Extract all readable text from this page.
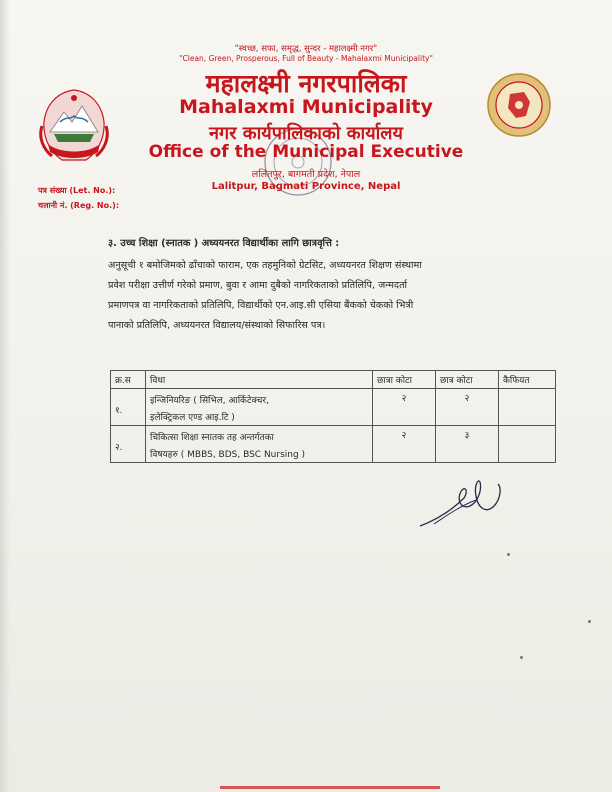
"स्वच्छ, सफा, समृद्ध, सुन्दर - महालक्ष्मी नगर"
"Clean, Green, Prosperous, Full of Beauty - Mahalaxmi Municipality"
महालक्ष्मी नगरपालिका
Mahalaxmi Municipality
नगर कार्यपालिकाको कार्यालय
Office of the Municipal Executive
ललितपुर, बागमती प्रदेश, नेपाल
Lalitpur, Bagmati Province, Nepal
पत्र संख्या (Let. No.):
चलानी नं. (Reg. No.):
३. उच्च शिक्षा (स्नातक ) अध्ययनरत विद्यार्थीका लागि छात्रवृत्ति :
अनुसूची १ बमोजिमको ढाँचाको फाराम, एक तहमुनिको ग्रेटसिट, अध्ययनरत शिक्षण संस्थामा
प्रवेश परीक्षा उत्तीर्ण गरेको प्रमाण, बुवा र आमा दुबैको नागरिकताको प्रतिलिपि, जन्मदर्ता
प्रमाणपत्र वा नागरिकताको प्रतिलिपि, विद्यार्थीको एन.आइ.सी एसिया बैंकको चेकको भित्री
पानाको प्रतिलिपि, अध्ययनरत विद्यालय/संस्थाको सिफारिस पत्र।
क्र.स	विधा	छात्रा कोटा	छात्र कोटा	कैफियत
१.	इन्जिनियरिङ ( सिभिल, आर्किटेक्चर,
इलेक्ट्रिकल एण्ड आइ.टि )	२	२	
२.	चिकित्सा शिक्षा स्नातक तह अन्तर्गतका
विषयहरु ( MBBS, BDS, BSC Nursing )	२	३	
